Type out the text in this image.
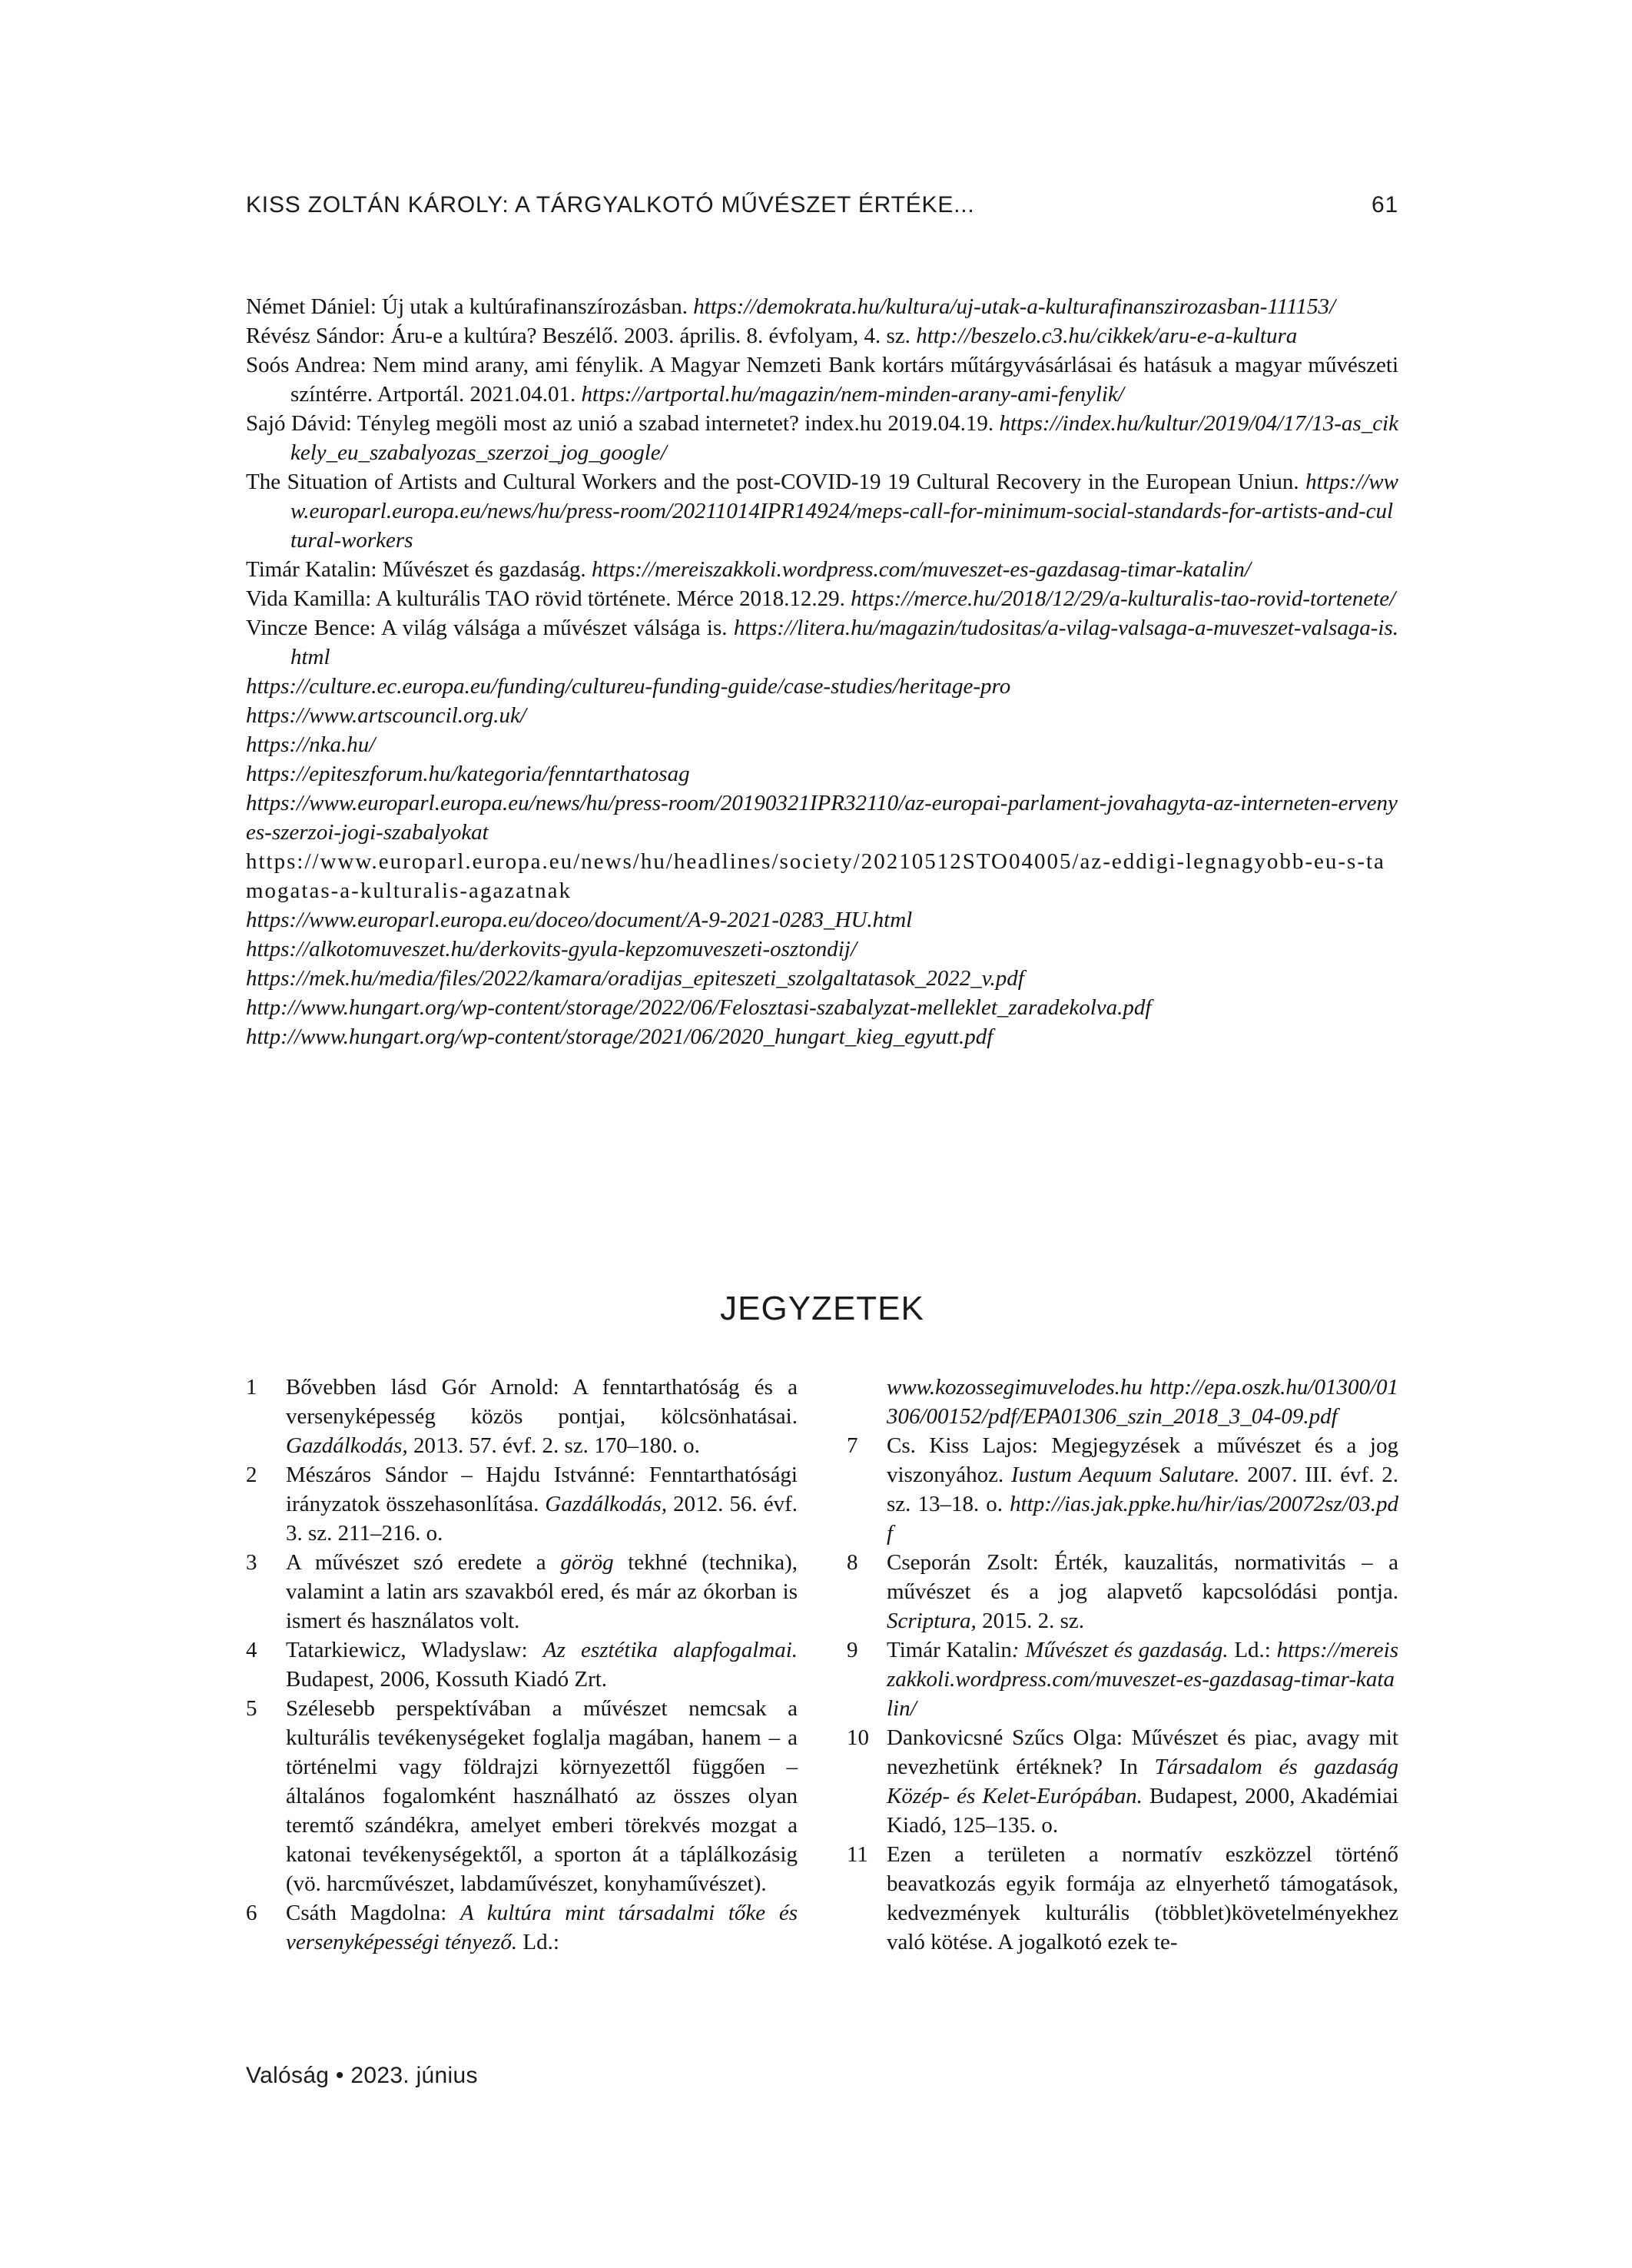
KISS ZOLTÁN KÁROLY: A TÁRGYALKOTÓ MŰVÉSZET ÉRTÉKE...	61

Német Dániel: Új utak a kultúrafinanszírozásban. https://demokrata.hu/kultura/uj-utak-a-kulturafinanszirozasban-111153/

Révész Sándor: Áru-e a kultúra? Beszélő. 2003. április. 8. évfolyam, 4. sz. http://beszelo.c3.hu/cikkek/aru-e-a-kultura

Soós Andrea: Nem mind arany, ami fénylik. A Magyar Nemzeti Bank kortárs műtárgyvásárlásai és hatásuk a magyar művészeti színtérre. Artportál. 2021.04.01. https://artportal.hu/magazin/nem-minden-arany-ami-fenylik/

Sajó Dávid: Tényleg megöli most az unió a szabad internetet? index.hu 2019.04.19. https://index.hu/kultur/2019/04/17/13-as_cikkely_eu_szabalyozas_szerzoi_jog_google/

The Situation of Artists and Cultural Workers and the post-COVID-19 19 Cultural Recovery in the European Uniun. https://www.europarl.europa.eu/news/hu/press-room/20211014IPR14924/meps-call-for-minimum-social-standards-for-artists-and-cultural-workers

Timár Katalin: Művészet és gazdaság. https://mereiszakkoli.wordpress.com/muveszet-es-gazdasag-timar-katalin/

Vida Kamilla: A kulturális TAO rövid története. Mérce 2018.12.29. https://merce.hu/2018/12/29/a-kulturalis-tao-rovid-tortenete/

Vincze Bence: A világ válsága a művészet válsága is. https://litera.hu/magazin/tudositas/a-vilag-valsaga-a-muveszet-valsaga-is.html

https://culture.ec.europa.eu/funding/cultureu-funding-guide/case-studies/heritage-pro

https://www.artscouncil.org.uk/

https://nka.hu/

https://epiteszforum.hu/kategoria/fenntarthatosag

https://www.europarl.europa.eu/news/hu/press-room/20190321IPR32110/az-europai-parlament-jovahagyta-az-interneten-ervenyes-szerzoi-jogi-szabalyokat

https://www.europarl.europa.eu/news/hu/headlines/society/20210512STO04005/az-eddigi-legnagyobb-eu-s-tamogatas-a-kulturalis-agazatnak

https://www.europarl.europa.eu/doceo/document/A-9-2021-0283_HU.html

https://alkotomuveszet.hu/derkovits-gyula-kepzomuveszeti-osztondij/

https://mek.hu/media/files/2022/kamara/oradijas_epiteszeti_szolgaltatasok_2022_v.pdf

http://www.hungart.org/wp-content/storage/2022/06/Felosztasi-szabalyzat-melleklet_zaradekolva.pdf

http://www.hungart.org/wp-content/storage/2021/06/2020_hungart_kieg_egyutt.pdf

JEGYZETEK
1 Bővebben lásd Gór Arnold: A fenntarthatóság és a versenyképesség közös pontjai, kölcsönhatásai. Gazdálkodás, 2013. 57. évf. 2. sz. 170–180. o.
2 Mészáros Sándor – Hajdu Istvánné: Fenntarthatósági irányzatok összehasonlítása. Gazdálkodás, 2012. 56. évf. 3. sz. 211–216. o.
3 A művészet szó eredete a görög tekhné (technika), valamint a latin ars szavakból ered, és már az ókorban is ismert és használatos volt.
4 Tatarkiewicz, Wladyslaw: Az esztétika alapfogalmai. Budapest, 2006, Kossuth Kiadó Zrt.
5 Szélesebb perspektívában a művészet nemcsak a kulturális tevékenységeket foglalja magában, hanem – a történelmi vagy földrajzi környezettől függően – általános fogalomként használható az összes olyan teremtő szándékra, amelyet emberi törekvés mozgat a katonai tevékenységektől, a sporton át a táplálkozásig (vö. harcművészet, labdaművészet, konyhaművészet).
6 Csáth Magdolna: A kultúra mint társadalmi tőke és versenyképességi tényező. Ld.:
www.kozossegimuvelodes.hu http://epa.oszk.hu/01300/01306/00152/pdf/EPA01306_szin_2018_3_04-09.pdf
7 Cs. Kiss Lajos: Megjegyzések a művészet és a jog viszonyához. Iustum Aequum Salutare. 2007. III. évf. 2. sz. 13–18. o. http://ias.jak.ppke.hu/hir/ias/20072sz/03.pdf
8 Cseporán Zsolt: Érték, kauzalitás, normativitás – a művészet és a jog alapvető kapcsolódási pontja. Scriptura, 2015. 2. sz.
9 Timár Katalin: Művészet és gazdaság. Ld.: https://mereiszakkoli.wordpress.com/muveszet-es-gazdasag-timar-katalin/
10 Dankovicsné Szűcs Olga: Művészet és piac, avagy mit nevezhetünk értéknek? In Társadalom és gazdaság Közép- és Kelet-Európában. Budapest, 2000, Akadémiai Kiadó, 125–135. o.
11 Ezen a területen a normatív eszközzel történő beavatkozás egyik formája az elnyerhető támogatások, kedvezmények kulturális (többlet)követelményekhez való kötése. A jogalkotó ezek te-
Valóság • 2023. június
